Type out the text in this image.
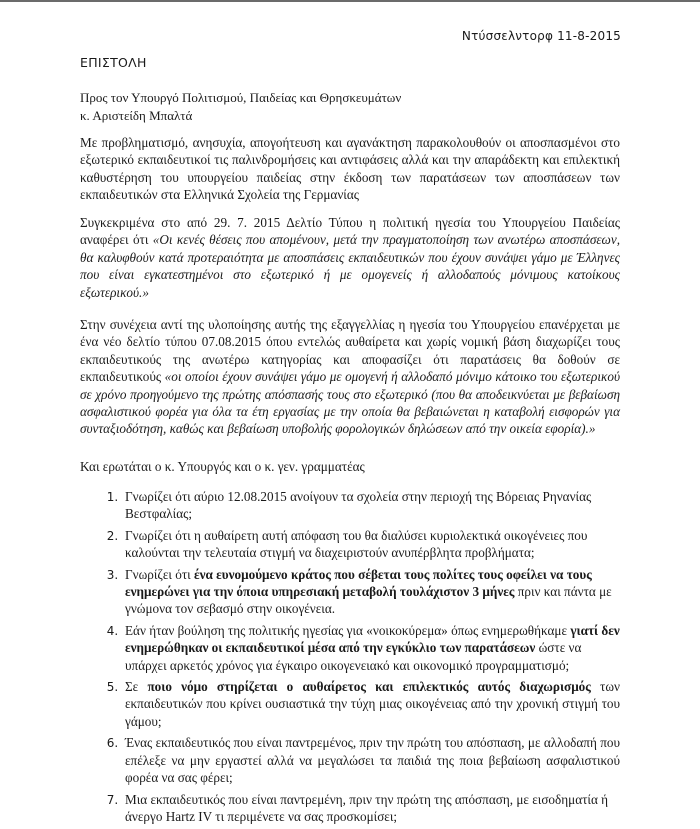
Ντύσσελντορφ 11-8-2015
ΕΠΙΣΤΟΛΗ
Προς τον Υπουργό Πολιτισμού, Παιδείας και Θρησκευμάτων
κ. Αριστείδη Μπαλτά
Με προβληματισμό, ανησυχία, απογοήτευση και αγανάκτηση παρακολουθούν οι αποσπασμένοι στο εξωτερικό εκπαιδευτικοί τις παλινδρομήσεις και αντιφάσεις αλλά και την απαράδεκτη και επιλεκτική καθυστέρηση του υπουργείου παιδείας στην έκδοση των παρατάσεων των αποσπάσεων των εκπαιδευτικών στα Ελληνικά Σχολεία της Γερμανίας
Συγκεκριμένα στο από 29. 7. 2015 Δελτίο Τύπου η πολιτική ηγεσία του Υπουργείου Παιδείας αναφέρει ότι «Οι κενές θέσεις που απομένουν, μετά την πραγματοποίηση των ανωτέρω αποσπάσεων, θα καλυφθούν κατά προτεραιότητα με αποσπάσεις εκπαιδευτικών που έχουν συνάψει γάμο με Έλληνες που είναι εγκατεστημένοι στο εξωτερικό ή με ομογενείς ή αλλοδαπούς μόνιμους κατοίκους εξωτερικού.»
Στην συνέχεια αντί της υλοποίησης αυτής της εξαγγελλίας η ηγεσία του Υπουργείου επανέρχεται με ένα νέο δελτίο τύπου 07.08.2015 όπου εντελώς αυθαίρετα και χωρίς νομική βάση διαχωρίζει τους εκπαιδευτικούς της ανωτέρω κατηγορίας και αποφασίζει ότι παρατάσεις θα δοθούν σε εκπαιδευτικούς «οι οποίοι έχουν συνάψει γάμο με ομογενή ή αλλοδαπό μόνιμο κάτοικο του εξωτερικού σε χρόνο προηγούμενο της πρώτης απόσπασής τους στο εξωτερικό (που θα αποδεικνύεται με βεβαίωση ασφαλιστικού φορέα για όλα τα έτη εργασίας με την οποία θα βεβαιώνεται η καταβολή εισφορών για συνταξιοδότηση, καθώς και βεβαίωση υποβολής φορολογικών δηλώσεων από την οικεία εφορία).»
Και ερωτάται ο κ. Υπουργός και ο κ. γεν. γραμματέας
1. Γνωρίζει ότι αύριο 12.08.2015 ανοίγουν τα σχολεία στην περιοχή της Βόρειας Ρηνανίας Βεστφαλίας;
2. Γνωρίζει ότι η αυθαίρετη αυτή απόφαση του θα διαλύσει κυριολεκτικά οικογένειες που καλούνται την τελευταία στιγμή να διαχειριστούν ανυπέρβλητα προβλήματα;
3. Γνωρίζει ότι ένα ευνομούμενο κράτος που σέβεται τους πολίτες τους οφείλει να τους ενημερώνει για την όποια υπηρεσιακή μεταβολή τουλάχιστον 3 μήνες πριν και πάντα με γνώμονα τον σεβασμό στην οικογένεια.
4. Εάν ήταν βούληση της πολιτικής ηγεσίας για «νοικοκύρεμα» όπως ενημερωθήκαμε γιατί δεν ενημερώθηκαν οι εκπαιδευτικοί μέσα από την εγκύκλιο των παρατάσεων ώστε να υπάρχει αρκετός χρόνος για έγκαιρο οικογενειακό και οικονομικό προγραμματισμό;
5. Σε ποιο νόμο στηρίζεται ο αυθαίρετος και επιλεκτικός αυτός διαχωρισμός των εκπαιδευτικών που κρίνει ουσιαστικά την τύχη μιας οικογένειας από την χρονική στιγμή του γάμου;
6. Ένας εκπαιδευτικός που είναι παντρεμένος, πριν την πρώτη του απόσπαση, με αλλοδαπή που επέλεξε να μην εργαστεί αλλά να μεγαλώσει τα παιδιά της ποια βεβαίωση ασφαλιστικού φορέα να σας φέρει;
7. Μια εκπαιδευτικός που είναι παντρεμένη, πριν την πρώτη της απόσπαση, με εισοδηματία ή άνεργο Hartz IV τι περιμένετε να σας προσκομίσει;
